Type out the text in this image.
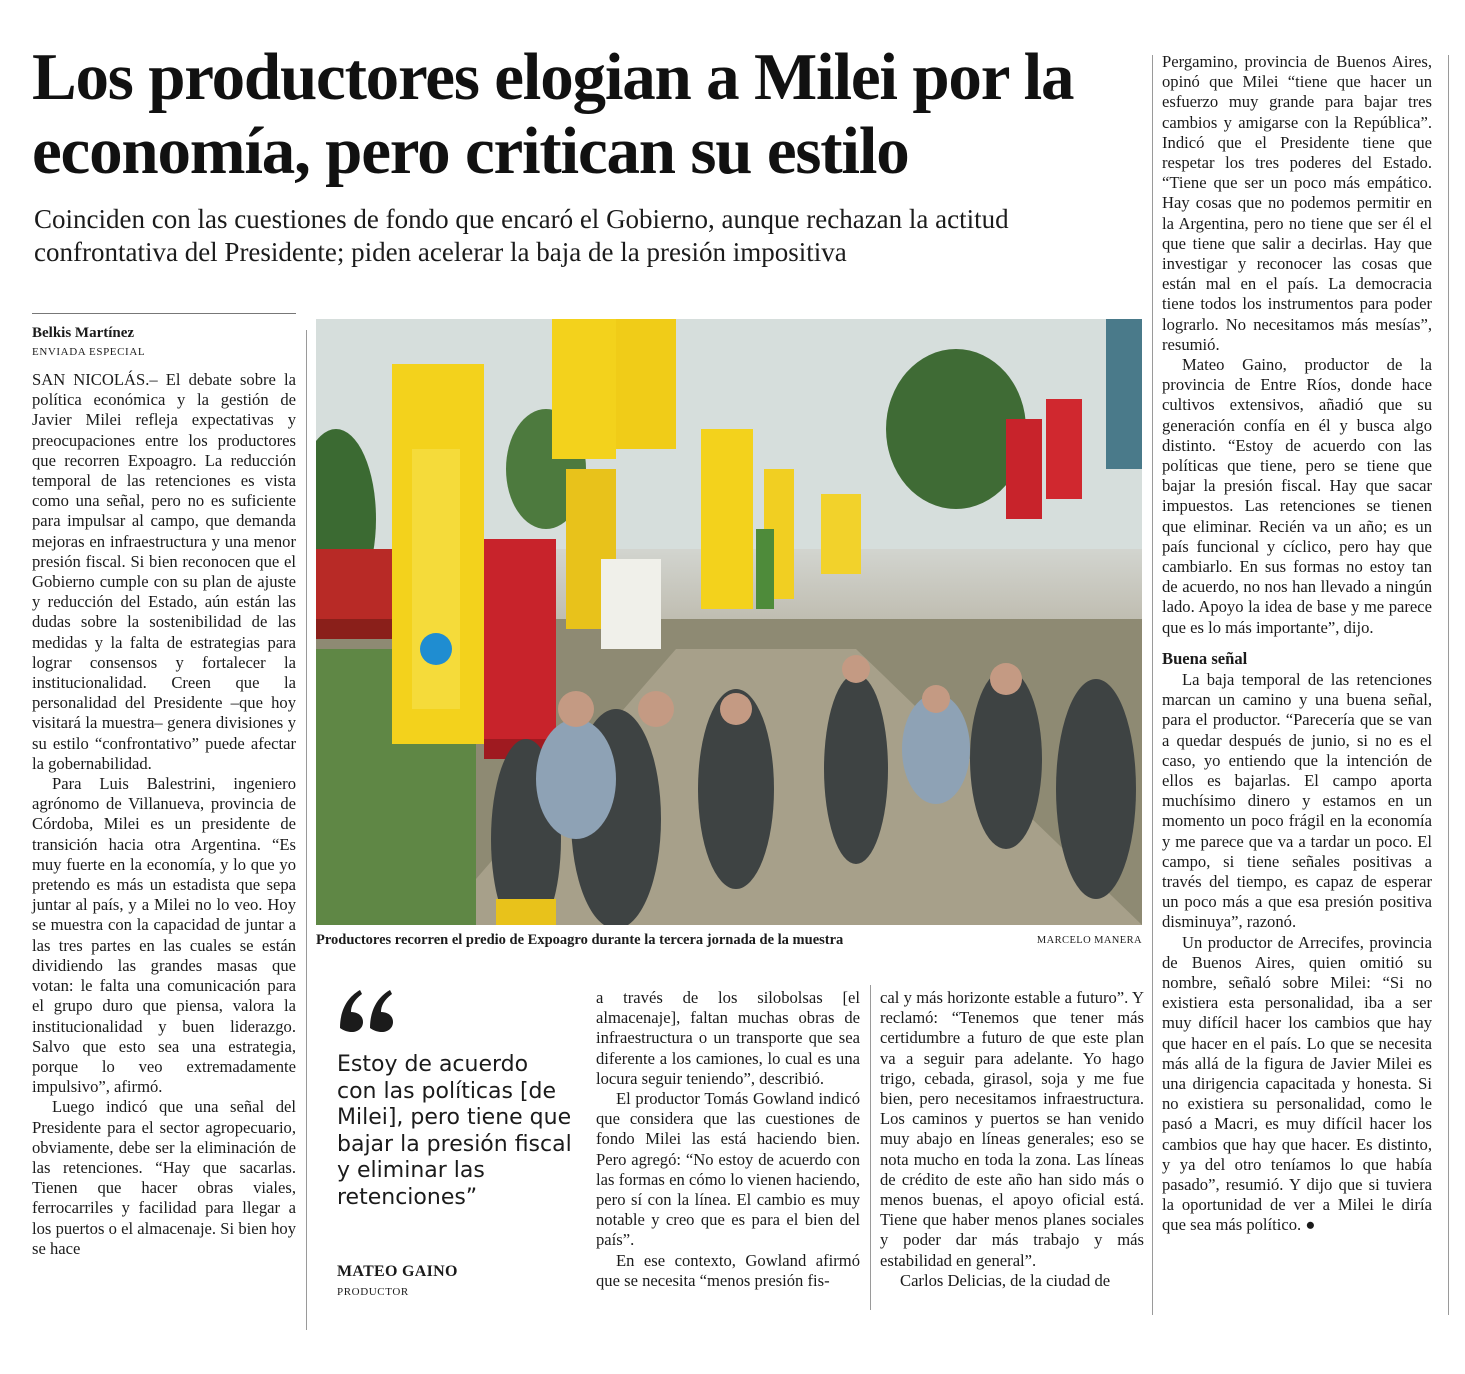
Los productores elogian a Milei por la economía, pero critican su estilo

Coinciden con las cuestiones de fondo que encaró el Gobierno, aunque rechazan la actitud confrontativa del Presidente; piden acelerar la baja de la presión impositiva

Belkis Martínez
ENVIADA ESPECIAL

SAN NICOLÁS.– El debate sobre la política económica y la gestión de Javier Milei refleja expectativas y preocupaciones entre los productores que recorren Expoagro. La reducción temporal de las retenciones es vista como una señal, pero no es suficiente para impulsar al campo, que demanda mejoras en infraestructura y una menor presión fiscal. Si bien reconocen que el Gobierno cumple con su plan de ajuste y reducción del Estado, aún están las dudas sobre la sostenibilidad de las medidas y la falta de estrategias para lograr consensos y fortalecer la institucionalidad. Creen que la personalidad del Presidente –que hoy visitará la muestra– genera divisiones y su estilo “confrontativo” puede afectar la gobernabilidad.

Para Luis Balestrini, ingeniero agrónomo de Villanueva, provincia de Córdoba, Milei es un presidente de transición hacia otra Argentina. “Es muy fuerte en la economía, y lo que yo pretendo es más un estadista que sepa juntar al país, y a Milei no lo veo. Hoy se muestra con la capacidad de juntar a las tres partes en las cuales se están dividiendo las grandes masas que votan: le falta una comunicación para el grupo duro que piensa, valora la institucionalidad y buen liderazgo. Salvo que esto sea una estrategia, porque lo veo extremadamente impulsivo”, afirmó.

Luego indicó que una señal del Presidente para el sector agropecuario, obviamente, debe ser la eliminación de las retenciones. “Hay que sacarlas. Tienen que hacer obras viales, ferrocarriles y facilidad para llegar a los puertos o el almacenaje. Si bien hoy se hace

Productores recorren el predio de Expoagro durante la tercera jornada de la muestra	MARCELO MANERA
Estoy de acuerdo con las políticas [de Milei], pero tiene que bajar la presión fiscal y eliminar las retenciones”
MATEO GAINO
PRODUCTOR

a través de los silobolsas [el almacenaje], faltan muchas obras de infraestructura o un transporte que sea diferente a los camiones, lo cual es una locura seguir teniendo”, describió.

El productor Tomás Gowland indicó que considera que las cuestiones de fondo Milei las está haciendo bien. Pero agregó: “No estoy de acuerdo con las formas en cómo lo vienen haciendo, pero sí con la línea. El cambio es muy notable y creo que es para el bien del país”.

En ese contexto, Gowland afirmó que se necesita “menos presión fis-

cal y más horizonte estable a futuro”. Y reclamó: “Tenemos que tener más certidumbre a futuro de que este plan va a seguir para adelante. Yo hago trigo, cebada, girasol, soja y me fue bien, pero necesitamos infraestructura. Los caminos y puertos se han venido muy abajo en líneas generales; eso se nota mucho en toda la zona. Las líneas de crédito de este año han sido más o menos buenas, el apoyo oficial está. Tiene que haber menos planes sociales y poder dar más trabajo y más estabilidad en general”.

Carlos Delicias, de la ciudad de

Pergamino, provincia de Buenos Aires, opinó que Milei “tiene que hacer un esfuerzo muy grande para bajar tres cambios y amigarse con la República”. Indicó que el Presidente tiene que respetar los tres poderes del Estado. “Tiene que ser un poco más empático. Hay cosas que no podemos permitir en la Argentina, pero no tiene que ser él el que tiene que salir a decirlas. Hay que investigar y reconocer las cosas que están mal en el país. La democracia tiene todos los instrumentos para poder lograrlo. No necesitamos más mesías”, resumió.

Mateo Gaino, productor de la provincia de Entre Ríos, donde hace cultivos extensivos, añadió que su generación confía en él y busca algo distinto. “Estoy de acuerdo con las políticas que tiene, pero se tiene que bajar la presión fiscal. Hay que sacar impuestos. Las retenciones se tienen que eliminar. Recién va un año; es un país funcional y cíclico, pero hay que cambiarlo. En sus formas no estoy tan de acuerdo, no nos han llevado a ningún lado. Apoyo la idea de base y me parece que es lo más importante”, dijo.

Buena señal

La baja temporal de las retenciones marcan un camino y una buena señal, para el productor. “Parecería que se van a quedar después de junio, si no es el caso, yo entiendo que la intención de ellos es bajarlas. El campo aporta muchísimo dinero y estamos en un momento un poco frágil en la economía y me parece que va a tardar un poco. El campo, si tiene señales positivas a través del tiempo, es capaz de esperar un poco más a que esa presión positiva disminuya”, razonó.

Un productor de Arrecifes, provincia de Buenos Aires, quien omitió su nombre, señaló sobre Milei: “Si no existiera esta personalidad, iba a ser muy difícil hacer los cambios que hay que hacer en el país. Lo que se necesita más allá de la figura de Javier Milei es una dirigencia capacitada y honesta. Si no existiera su personalidad, como le pasó a Macri, es muy difícil hacer los cambios que hay que hacer. Es distinto, y ya del otro teníamos lo que había pasado”, resumió. Y dijo que si tuviera la oportunidad de ver a Milei le diría que sea más político. ●
